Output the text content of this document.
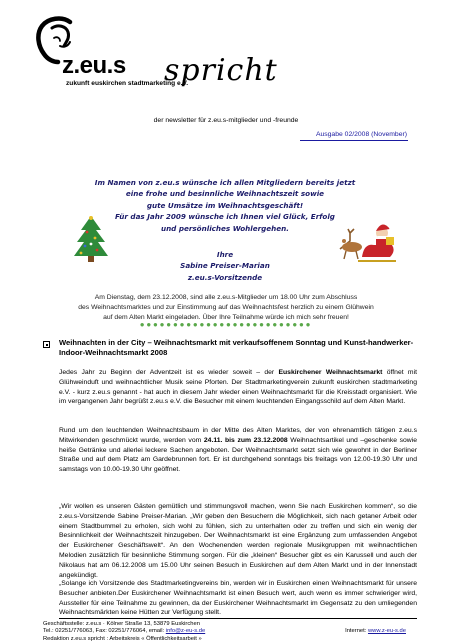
z.eu.s spricht
zukunft euskirchen stadtmarketing e.V.
der newsletter für z.eu.s-mitglieder und -freunde
Ausgabe 02/2008 (November)
Im Namen von z.eu.s wünsche ich allen Mitgliedern bereits jetzt
eine frohe und besinnliche Weihnachtszeit sowie
gute Umsätze im Weihnachtsgeschäft!
Für das Jahr 2009 wünsche ich Ihnen viel Glück, Erfolg
und persönliches Wohlergehen.
Ihre
Sabine Preiser-Marian
z.eu.s-Vorsitzende
Am Dienstag, dem 23.12.2008, sind alle z.eu.s-Mitglieder um 18.00 Uhr zum Abschluss
des Weihnachtsmarktes und zur Einstimmung auf das Weihnachtsfest herzlich zu einem Glühwein
auf dem Alten Markt eingeladen. Über Ihre Teilnahme würde ich mich sehr freuen!
●●●●●●●●●●●●●●●●●●●●●●●●●●
Weihnachten in der City – Weihnachtsmarkt mit verkaufsoffenem Sonntag und Kunst-handwerker-Indoor-Weihnachtsmarkt 2008
Jedes Jahr zu Beginn der Adventzeit ist es wieder soweit – der Euskirchener Weihnachtsmarkt öffnet mit Glühweinduft und weihnachtlicher Musik seine Pforten. Der Stadtmarketingverein zukunft euskirchen stadtmarketing e.V. - kurz z.eu.s genannt - hat auch in diesem Jahr wieder einen Weihnachtsmarkt für die Kreisstadt organisiert. Wie im vergangenen Jahr begrüßt z.eu.s e.V. die Besucher mit einem leuchtenden Eingangsschild auf dem Alten Markt.
Rund um den leuchtenden Weihnachtsbaum in der Mitte des Alten Marktes, der von ehrenamtlich tätigen z.eu.s Mitwirkenden geschmückt wurde, werden vom 24.11. bis zum 23.12.2008 Weihnachtsartikel und –geschenke sowie heiße Getränke und allerlei leckere Sachen angeboten. Der Weihnachtsmarkt setzt sich wie gewohnt in der Berliner Straße und auf dem Platz am Gardebrunnen fort. Er ist durchgehend sonntags bis freitags von 12.00-19.30 Uhr und samstags von 10.00-19.30 Uhr geöffnet.
„Wir wollen es unseren Gästen gemütlich und stimmungsvoll machen, wenn Sie nach Euskirchen kommen“, so die z.eu.s-Vorsitzende Sabine Preiser-Marian. „Wir geben den Besuchern die Möglichkeit, sich nach getaner Arbeit oder einem Stadtbummel zu erholen, sich wohl zu fühlen, sich zu unterhalten oder zu treffen und sich ein wenig der Besinnlichkeit der Weihnachtszeit hinzugeben. Der Weihnachtsmarkt ist eine Ergänzung zum umfassenden Angebot der Euskirchener Geschäftswelt“. An den Wochenenden werden regionale Musikgruppen mit weihnachtlichen Melodien zusätzlich für besinnliche Stimmung sorgen. Für die „kleinen“ Besucher gibt es ein Karussell und auch der Nikolaus hat am 06.12.2008 um 15.00 Uhr seinen Besuch in Euskirchen auf dem Alten Markt und in der Innenstadt angekündigt.
„Solange ich Vorsitzende des Stadtmarketingvereins bin, werden wir in Euskirchen einen Weihnachtsmarkt für unsere Besucher anbieten.Der Euskirchener Weihnachtsmarkt ist einen Besuch wert, auch wenn es immer schwieriger wird, Aussteller für eine Teilnahme zu gewinnen, da der Euskirchener Weihnachtsmarkt im Gegensatz zu den umliegenden Weihnachtsmärkten keine Hütten zur Verfügung stellt.
Geschäftsstelle: z.eu.s · Kölner Straße 13, 53879 Euskirchen
Tel.: 02251/776063, Fax: 02251/776064, email: info@z-eu-s.de
Redaktion z.eu.s spricht : Arbeitskreis « Öffentlichkeitsarbeit »
Internet: www.z-eu-s.de
